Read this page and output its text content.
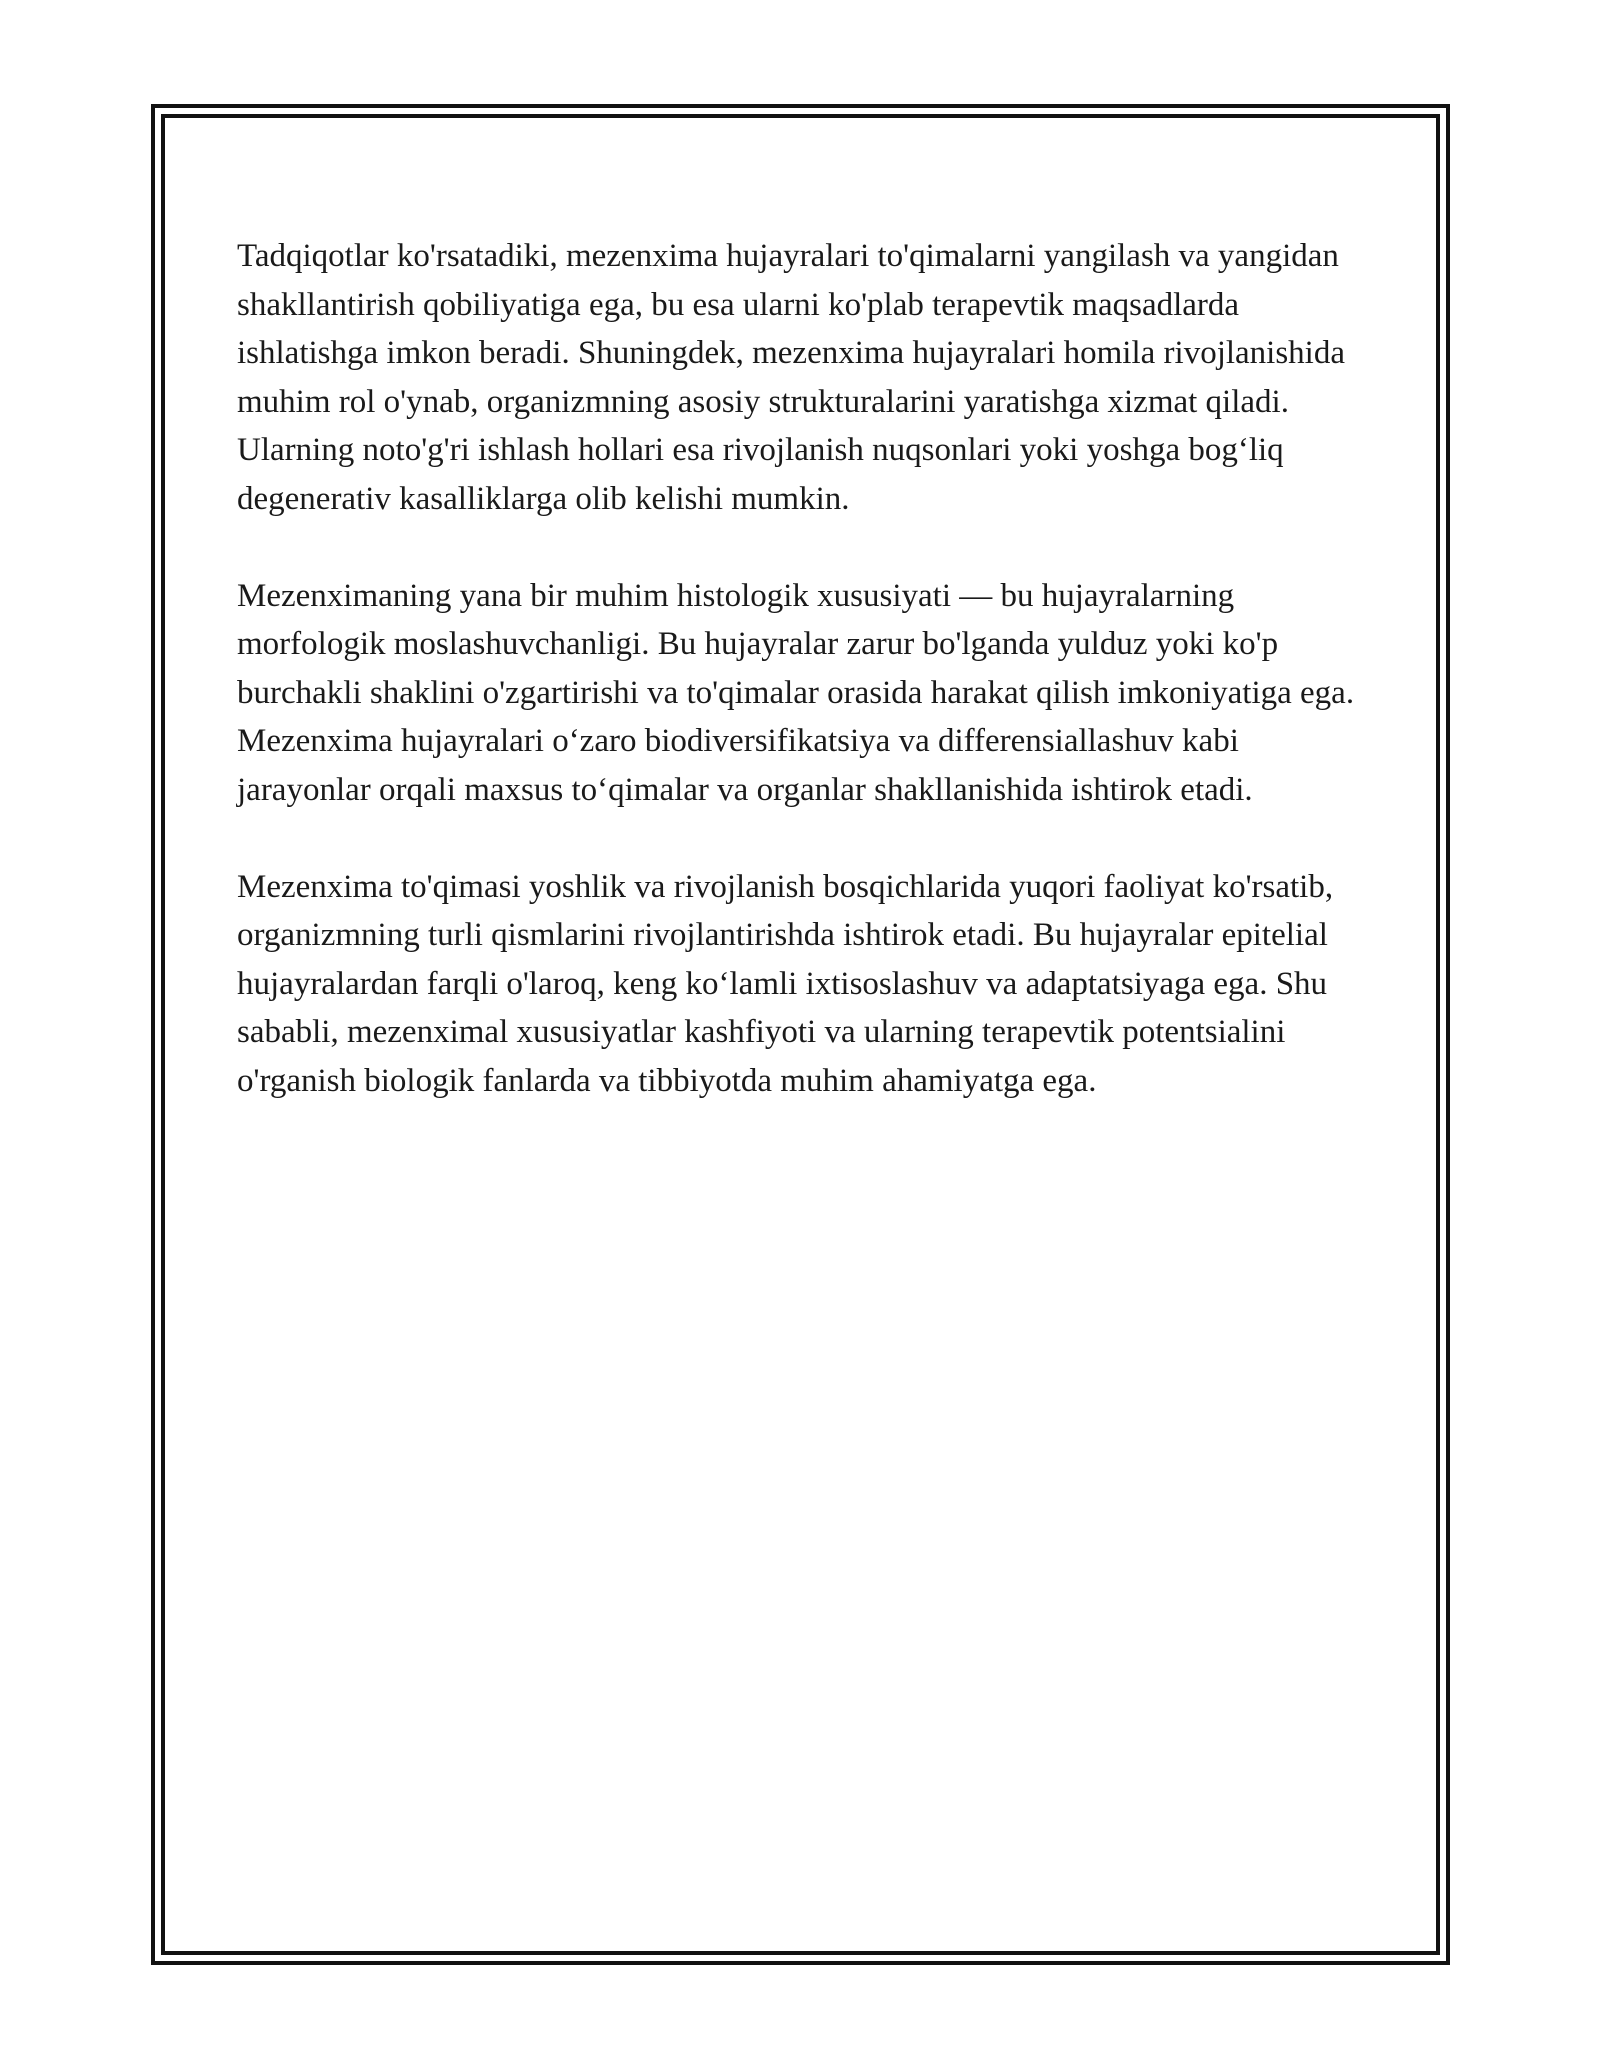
Tadqiqotlar ko'rsatadiki, mezenxima hujayralari to'qimalarni yangilash va yangidan shakllantirish qobiliyatiga ega, bu esa ularni ko'plab terapevtik maqsadlarda ishlatishga imkon beradi. Shuningdek, mezenxima hujayralari homila rivojlanishida muhim rol o'ynab, organizmning asosiy strukturalarini yaratishga xizmat qiladi. Ularning noto'g'ri ishlash hollari esa rivojlanish nuqsonlari yoki yoshga bog‘liq degenerativ kasalliklarga olib kelishi mumkin.

Mezenximaning yana bir muhim histologik xususiyati — bu hujayralarning morfologik moslashuvchanligi. Bu hujayralar zarur bo'lganda yulduz yoki ko'p burchakli shaklini o'zgartirishi va to'qimalar orasida harakat qilish imkoniyatiga ega. Mezenxima hujayralari o‘zaro biodiversifikatsiya va differensiallashuv kabi jarayonlar orqali maxsus to‘qimalar va organlar shakllanishida ishtirok etadi.

Mezenxima to'qimasi yoshlik va rivojlanish bosqichlarida yuqori faoliyat ko'rsatib, organizmning turli qismlarini rivojlantirishda ishtirok etadi. Bu hujayralar epitelial hujayralardan farqli o'laroq, keng ko‘lamli ixtisoslashuv va adaptatsiyaga ega. Shu sababli, mezenximal xususiyatlar kashfiyoti va ularning terapevtik potentsialini o'rganish biologik fanlarda va tibbiyotda muhim ahamiyatga ega.
